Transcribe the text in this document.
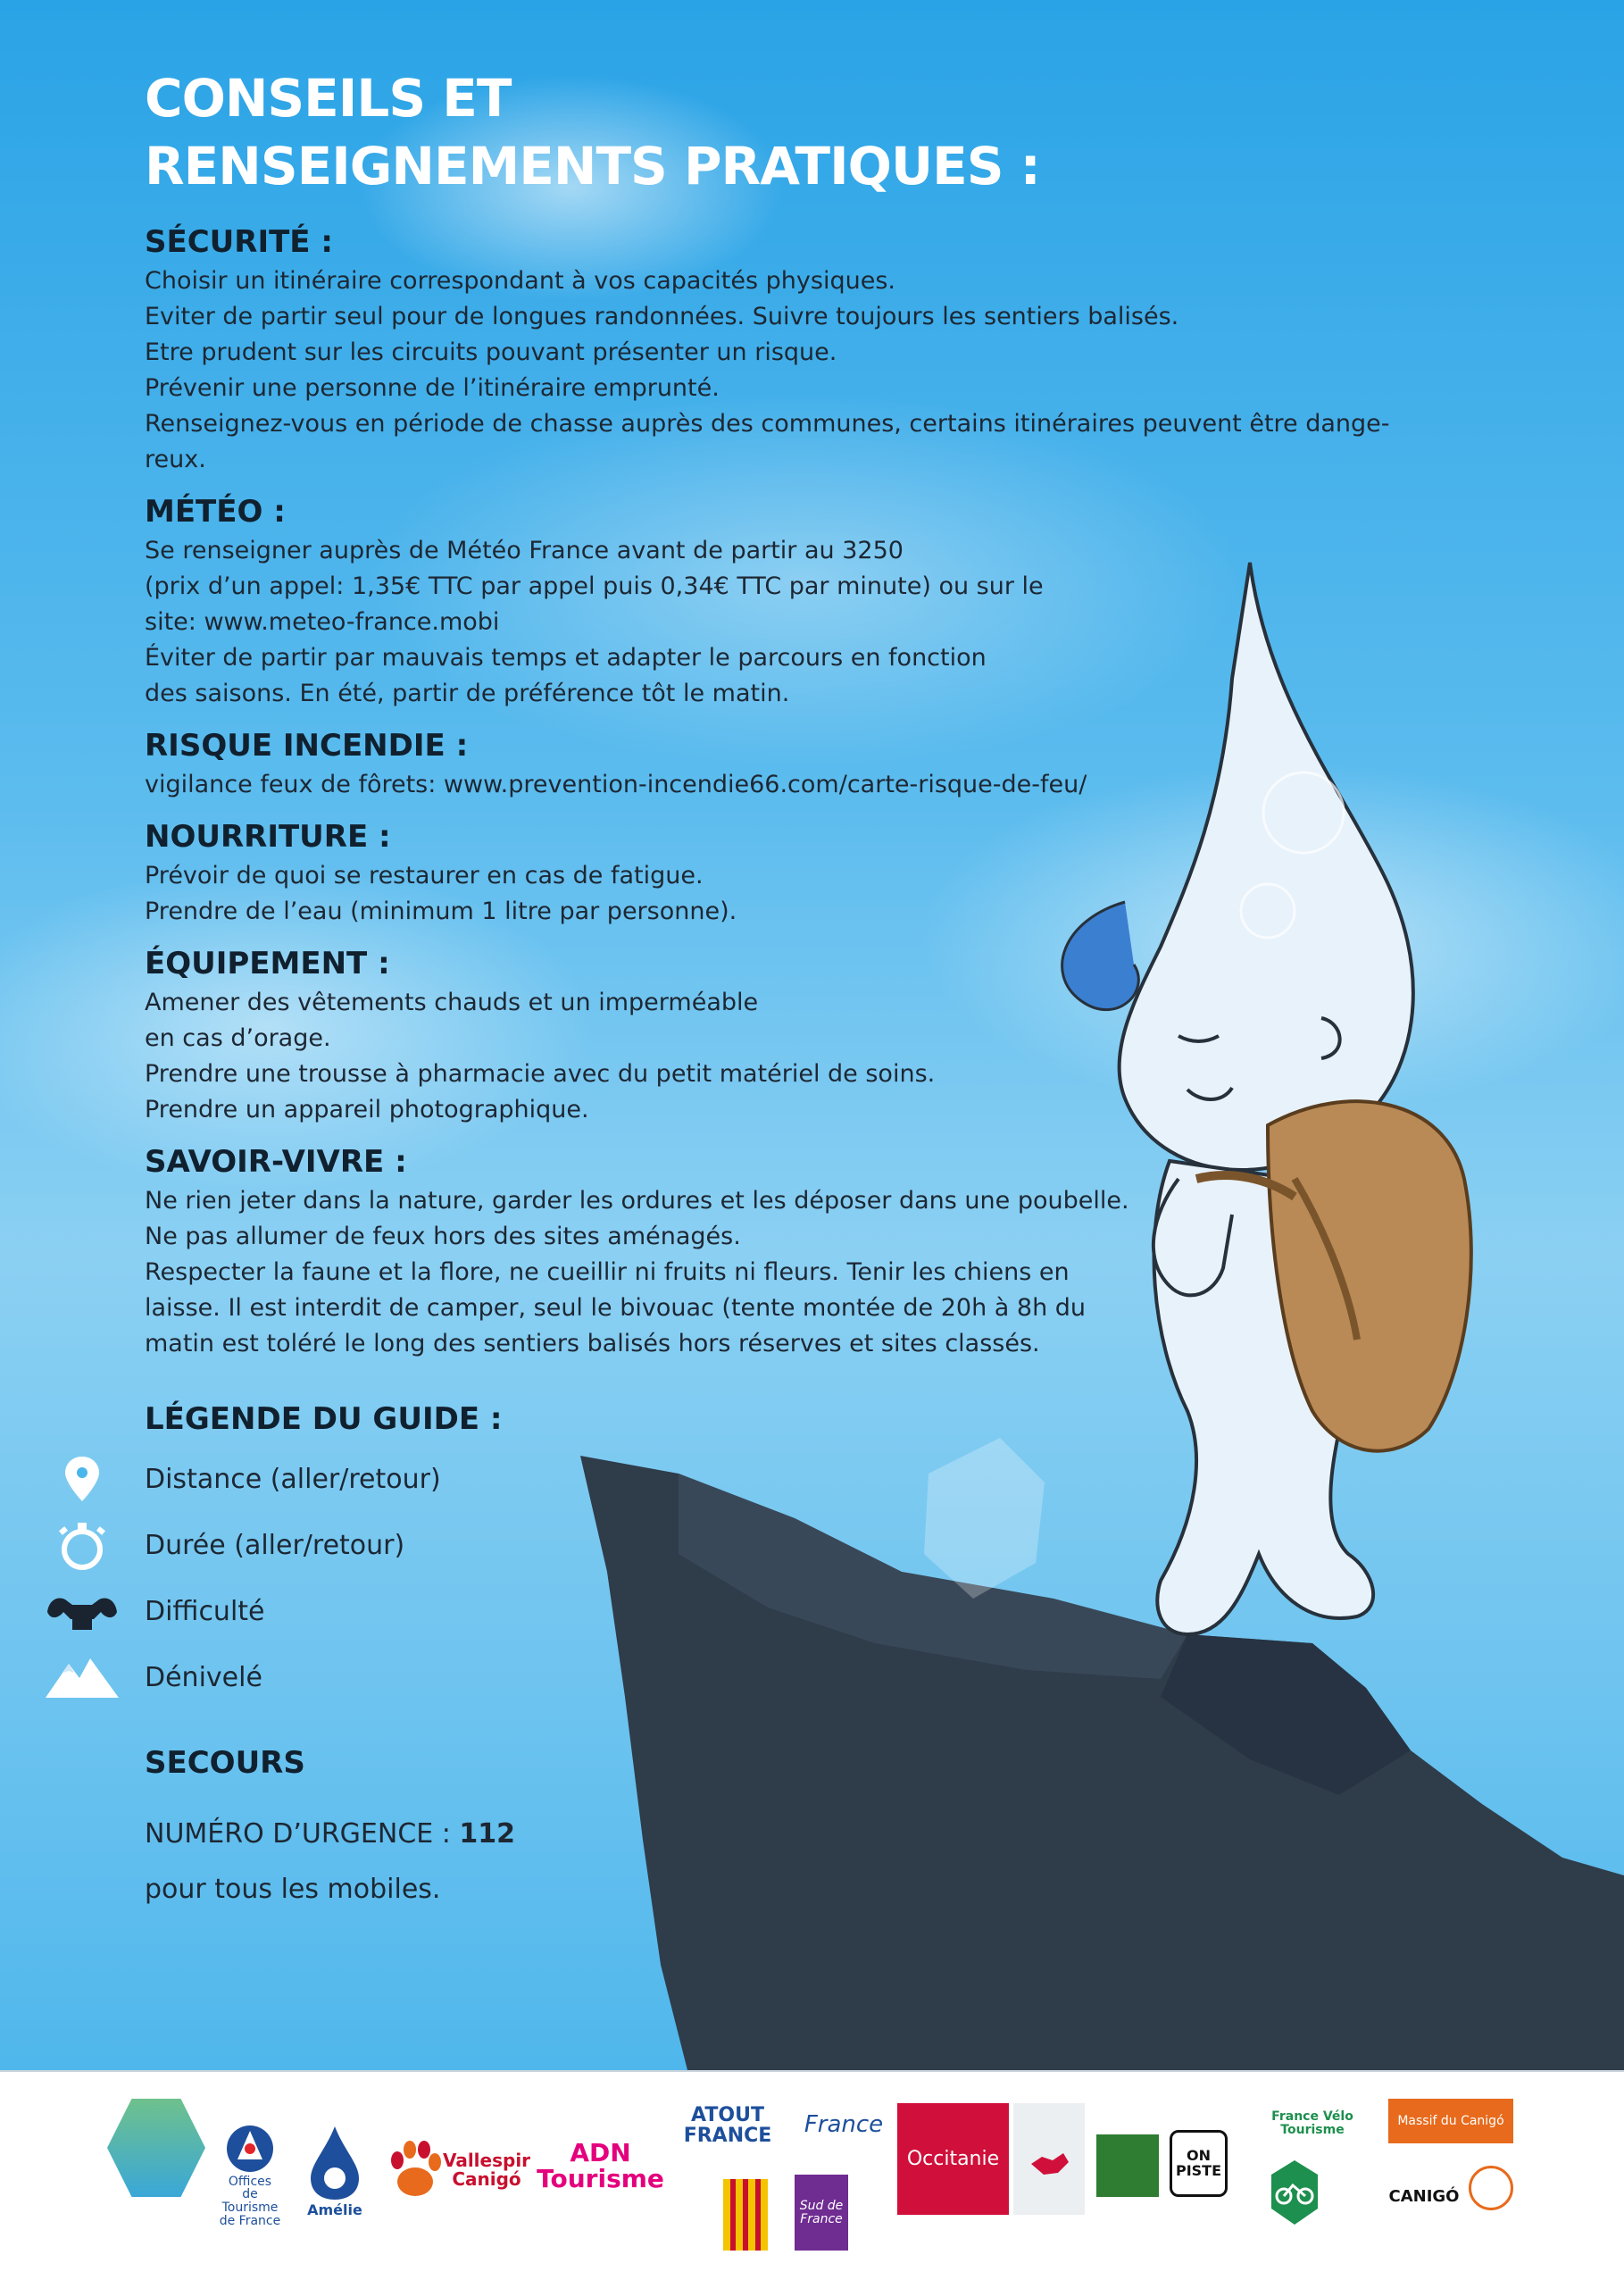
CONSEILS ET
RENSEIGNEMENTS PRATIQUES :
SÉCURITÉ :
Choisir un itinéraire correspondant à vos capacités physiques.
Eviter de partir seul pour de longues randonnées. Suivre toujours les sentiers balisés.
Etre prudent sur les circuits pouvant présenter un risque.
Prévenir une personne de l’itinéraire emprunté.
Renseignez-vous en période de chasse auprès des communes, certains itinéraires peuvent être dange-
reux.
MÉTÉO :
Se renseigner auprès de Météo France avant de partir au 3250
(prix d’un appel: 1,35€ TTC par appel puis 0,34€ TTC par minute) ou sur le
site: www.meteo-france.mobi
Éviter de partir par mauvais temps et adapter le parcours en fonction
des saisons. En été, partir de préférence tôt le matin.
RISQUE INCENDIE :
vigilance feux de fôrets: www.prevention-incendie66.com/carte-risque-de-feu/
NOURRITURE :
Prévoir de quoi se restaurer en cas de fatigue.
Prendre de l’eau (minimum 1 litre par personne).
ÉQUIPEMENT :
Amener des vêtements chauds et un imperméable
en cas d’orage.
Prendre une trousse à pharmacie avec du petit matériel de soins.
Prendre un appareil photographique.
SAVOIR-VIVRE :
Ne rien jeter dans la nature, garder les ordures et les déposer dans une poubelle.
Ne pas allumer de feux hors des sites aménagés.
Respecter la faune et la flore, ne cueillir ni fruits ni fleurs. Tenir les chiens en
laisse. Il est interdit de camper, seul le bivouac (tente montée de 20h à 8h du
matin est toléré le long des sentiers balisés hors réserves et sites classés.
LÉGENDE DU GUIDE :
Distance (aller/retour)
Durée (aller/retour)
Difficulté
Dénivelé
SECOURS
NUMÉRO D’URGENCE : 112
pour tous les mobiles.
Offices de Tourisme de France
Amélie
Vallespir Canigó
ADN Tourisme
ATOUT FRANCE France
Sud de France
Occitanie	ON PISTE
France Vélo Tourisme
Massif du Canigó
CANIGÓ
